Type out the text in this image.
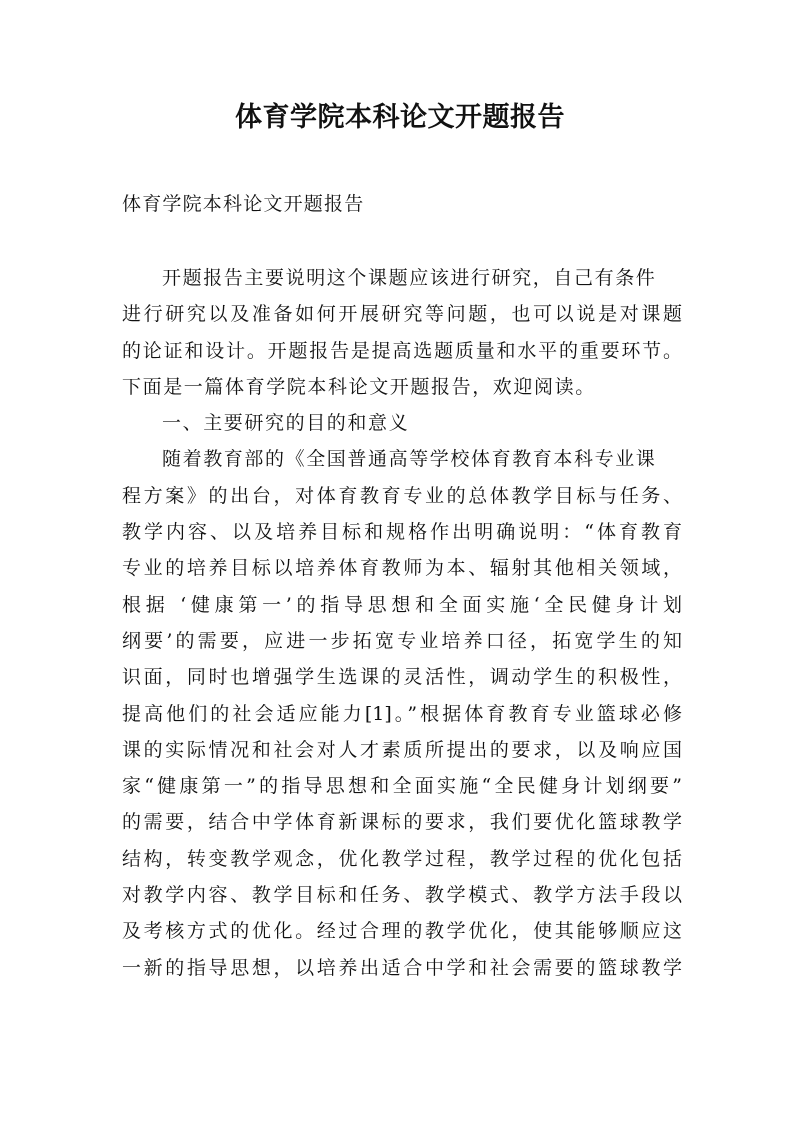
体育学院本科论文开题报告
体育学院本科论文开题报告
开题报告主要说明这个课题应该进行研究，自己有条件
进行研究以及准备如何开展研究等问题，也可以说是对课题
的论证和设计。开题报告是提高选题质量和水平的重要环节。
下面是一篇体育学院本科论文开题报告，欢迎阅读。
一、主要研究的目的和意义
随着教育部的《全国普通高等学校体育教育本科专业课
程方案》的出台，对体育教育专业的总体教学目标与任务、
教学内容、以及培养目标和规格作出明确说明：“体育教育
专业的培养目标以培养体育教师为本、辐射其他相关领域，
根据 ‘健康第一’的指导思想和全面实施‘全民健身计划
纲要’的需要，应进一步拓宽专业培养口径，拓宽学生的知
识面，同时也增强学生选课的灵活性，调动学生的积极性，
提高他们的社会适应能力[1]。”根据体育教育专业篮球必修
课的实际情况和社会对人才素质所提出的要求，以及响应国
家“健康第一”的指导思想和全面实施“全民健身计划纲要”
的需要，结合中学体育新课标的要求，我们要优化篮球教学
结构，转变教学观念，优化教学过程，教学过程的优化包括
对教学内容、教学目标和任务、教学模式、教学方法手段以
及考核方式的优化。经过合理的教学优化，使其能够顺应这
一新的指导思想，以培养出适合中学和社会需要的篮球教学
